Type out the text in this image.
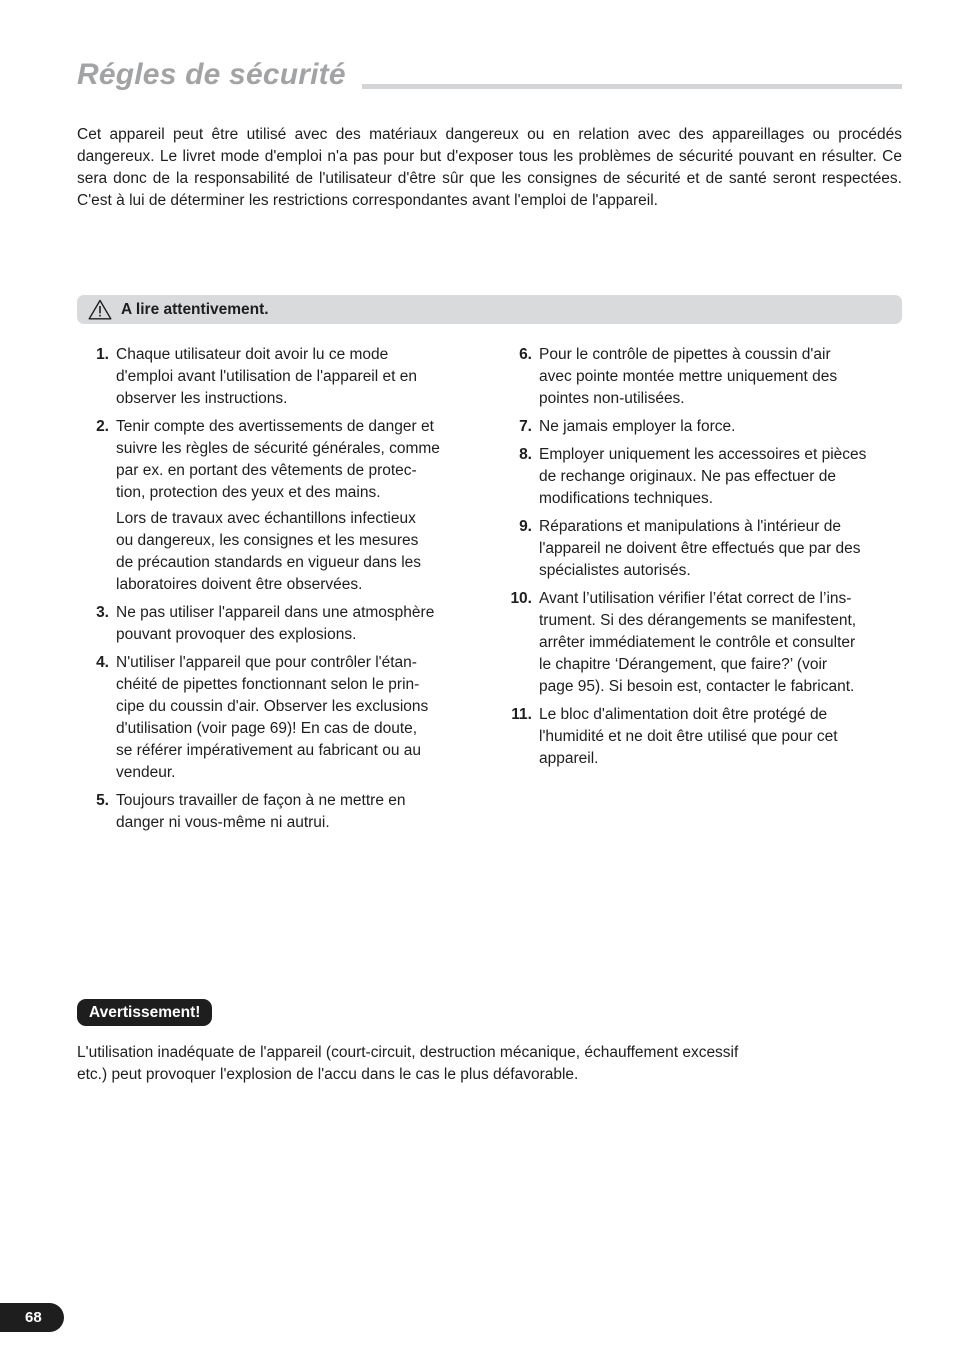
Régles de sécurité
Cet appareil peut être utilisé avec des matériaux dangereux ou en relation avec des appareillages ou procédés dangereux. Le livret mode d'emploi n'a pas pour but d'exposer tous les problèmes de sécurité pouvant en résulter. Ce sera donc de la responsabilité de l'utilisateur d'être sûr que les consignes de sécurité et de santé seront respectées. C'est à lui de déterminer les restrictions correspondantes avant l'emploi de l'appareil.
A lire attentivement.
1. Chaque utilisateur doit avoir lu ce mode
d'emploi avant l'utilisation de l'appareil et en
observer les instructions.
2. Tenir compte des avertissements de danger et
suivre les règles de sécurité générales, comme
par ex. en portant des vêtements de protec-
tion, protection des yeux et des mains.
Lors de travaux avec échantillons infectieux
ou dangereux, les consignes et les mesures
de précaution standards en vigueur dans les
laboratoires doivent être observées.
3. Ne pas utiliser l'appareil dans une atmosphère
pouvant provoquer des explosions.
4. N'utiliser l'appareil que pour contrôler l'étan-
chéité de pipettes fonctionnant selon le prin-
cipe du coussin d'air. Observer les exclusions
d'utilisation (voir page 69)! En cas de doute,
se référer impérativement au fabricant ou au
vendeur.
5. Toujours travailler de façon à ne mettre en
danger ni vous-même ni autrui.
6. Pour le contrôle de pipettes à coussin d'air
avec pointe montée mettre uniquement des
pointes non-utilisées.
7. Ne jamais employer la force.
8. Employer uniquement les accessoires et pièces
de rechange originaux. Ne pas effectuer de
modifications techniques.
9. Réparations et manipulations à l'intérieur de
l'appareil ne doivent être effectués que par des
spécialistes autorisés.
10. Avant l’utilisation vérifier l’état correct de l’ins-
trument. Si des dérangements se manifestent,
arrêter immédiatement le contrôle et consulter
le chapitre ‘Dérangement, que faire?’ (voir
page 95). Si besoin est, contacter le fabricant.
11. Le bloc d'alimentation doit être protégé de
l'humidité et ne doit être utilisé que pour cet
appareil.
Avertissement!
L'utilisation inadéquate de l'appareil (court-circuit, destruction mécanique, échauffement excessif
etc.) peut provoquer l'explosion de l'accu dans le cas le plus défavorable.
68
